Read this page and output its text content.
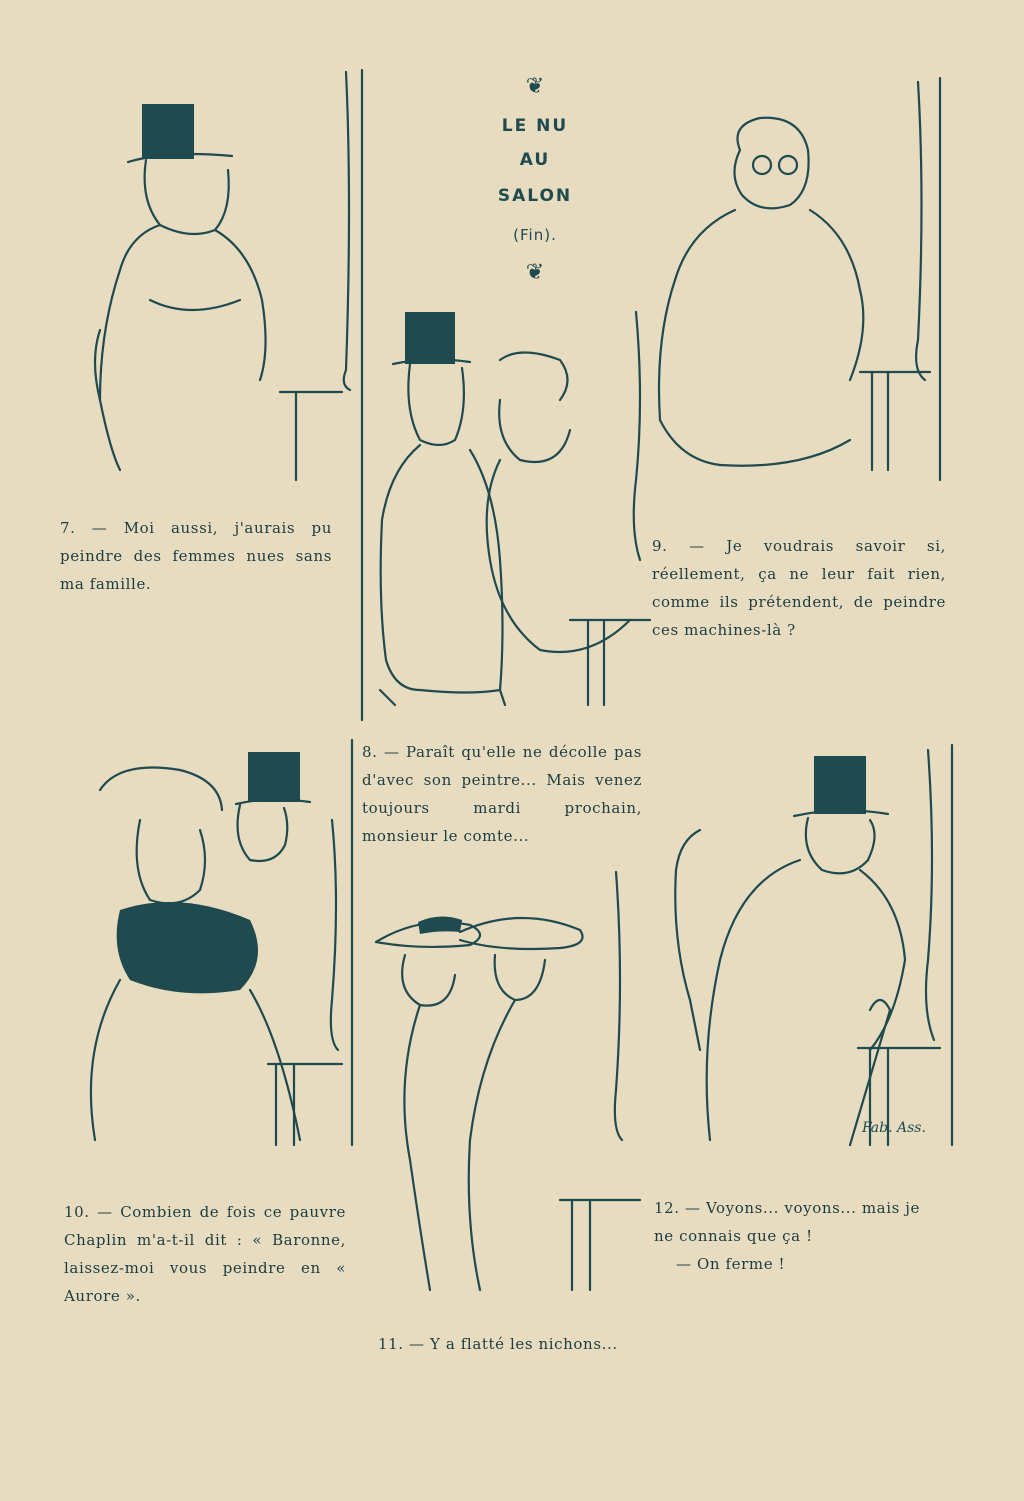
❦
LE NU
AU
SALON
(Fin).
❦

7. — Moi aussi, j'aurais pu peindre des femmes nues sans ma famille.

8. — Paraît qu'elle ne décolle pas d'avec son peintre... Mais venez toujours mardi prochain, monsieur le comte...

9. — Je voudrais savoir si, réellement, ça ne leur fait rien, comme ils prétendent, de peindre ces machines-là ?

10. — Combien de fois ce pauvre Chaplin m'a-t-il dit : « Baronne, laissez-moi vous peindre en « Aurore ».

11. — Y a flatté les nichons...

12. — Voyons... voyons... mais je ne connais que ça !

— On ferme !

Fab. Ass.
